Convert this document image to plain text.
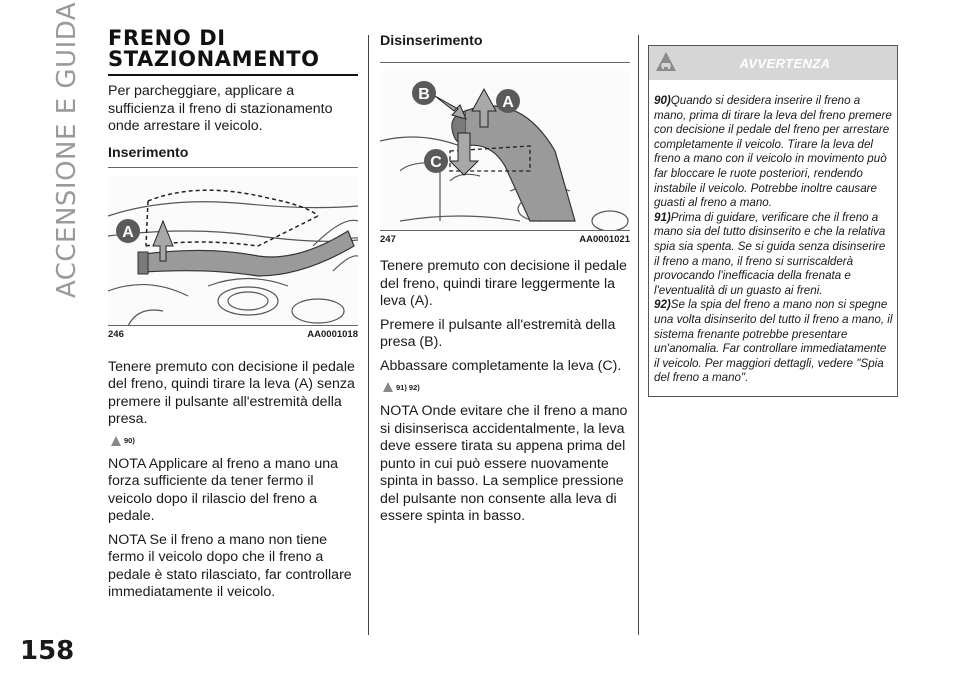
ACCENSIONE E GUIDA
158
FRENO DI
STAZIONAMENTO

Per parcheggiare, applicare a sufficienza il freno di stazionamento onde arrestare il veicolo.

Inserimento
A
246	AA0001018

Tenere premuto con decisione il pedale del freno, quindi tirare la leva (A) senza premere il pulsante all'estremità della presa.

90)

NOTA Applicare al freno a mano una forza sufficiente da tener fermo il veicolo dopo il rilascio del freno a pedale.

NOTA Se il freno a mano non tiene fermo il veicolo dopo che il freno a pedale è stato rilasciato, far controllare immediatamente il veicolo.

Disinserimento
B	A
C
247	AA0001021

Tenere premuto con decisione il pedale del freno, quindi tirare leggermente la leva (A).

Premere il pulsante all'estremità della presa (B).

Abbassare completamente la leva (C).

91) 92)

NOTA Onde evitare che il freno a mano si disinserisca accidentalmente, la leva deve essere tirata su appena prima del punto in cui può essere nuovamente spinta in basso. La semplice pressione del pulsante non consente alla leva di essere spinta in basso.

AVVERTENZA

90)Quando si desidera inserire il freno a mano, prima di tirare la leva del freno premere con decisione il pedale del freno per arrestare completamente il veicolo. Tirare la leva del freno a mano con il veicolo in movimento può far bloccare le ruote posteriori, rendendo instabile il veicolo. Potrebbe inoltre causare guasti al freno a mano.

91)Prima di guidare, verificare che il freno a mano sia del tutto disinserito e che la relativa spia sia spenta. Se si guida senza disinserire il freno a mano, il freno si surriscalderà provocando l'inefficacia della frenata e l'eventualità di un guasto ai freni.

92)Se la spia del freno a mano non si spegne una volta disinserito del tutto il freno a mano, il sistema frenante potrebbe presentare un'anomalia. Far controllare immediatamente il veicolo. Per maggiori dettagli, vedere "Spia del freno a mano".
